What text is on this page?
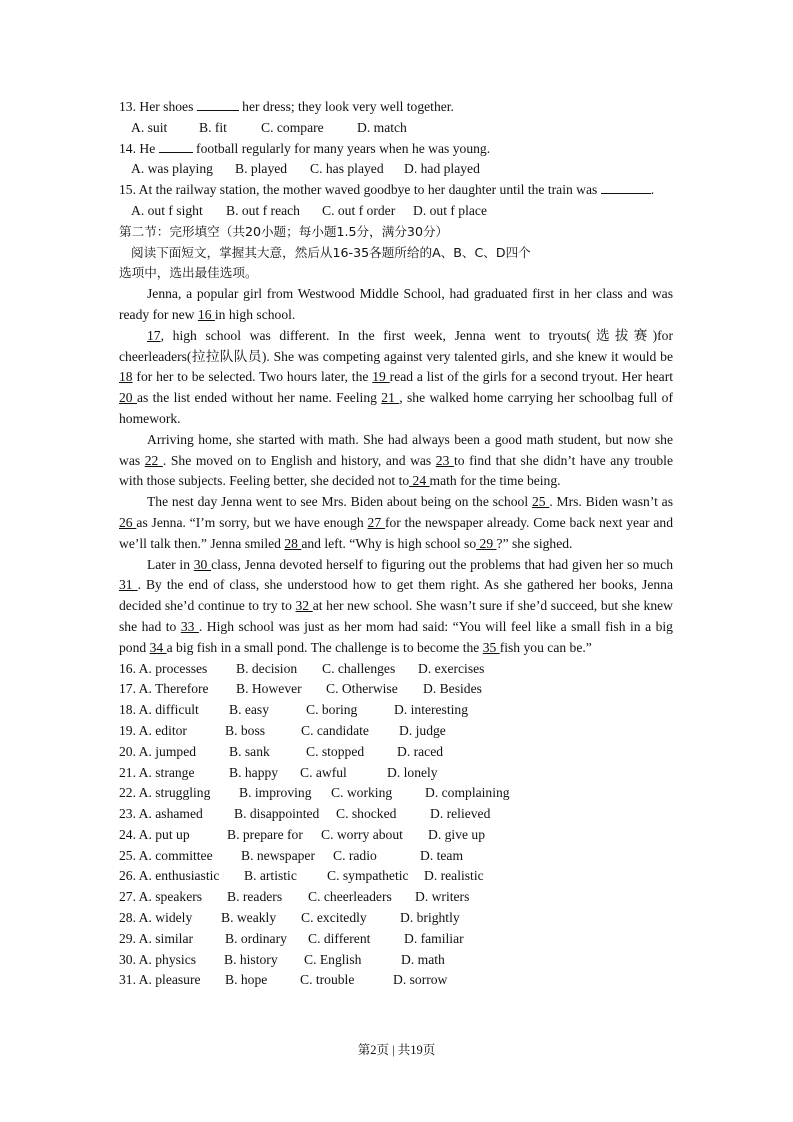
13. Her shoes	her dress; they look very well together.
A. suit B. fit	C. compare D. match
14. He	football regularly for many years when he was young.
A. was playing B. played C. has played D. had played
15. At the railway station, the mother waved goodbye to her daughter until the train was	.
A. out f sight B. out f reach C. out f order D. out f place
第二节：完形填空（共20小题；每小题1.5分，满分30分）
阅读下面短文，掌握其大意，然后从16-35各题所给的A、B、C、D四个
选项中，选出最佳选项。
Jenna, a popular girl from Westwood Middle School, had graduated first in her class and was ready for new 16 in high school.
17, high school was different. In the first week, Jenna went to tryouts(选拔赛)for cheerleaders(拉拉队队员). She was competing against very talented girls, and she knew it would be 18 for her to be selected. Two hours later, the 19 read a list of the girls for a second tryout. Her heart 20 as the list ended without her name. Feeling 21 , she walked home carrying her schoolbag full of homework.
Arriving home, she started with math. She had always been a good math student, but now she was 22 . She moved on to English and history, and was 23 to find that she didn’t have any trouble with those subjects. Feeling better, she decided not to 24 math for the time being.
The nest day Jenna went to see Mrs. Biden about being on the school 25 . Mrs. Biden wasn’t as 26 as Jenna. “I’m sorry, but we have enough 27 for the newspaper already. Come back next year and we’ll talk then.” Jenna smiled 28 and left. “Why is high school so 29 ?” she sighed.
Later in 30 class, Jenna devoted herself to figuring out the problems that had given her so much 31 . By the end of class, she understood how to get them right. As she gathered her books, Jenna decided she’d continue to try to 32 at her new school. She wasn’t sure if she’d succeed, but she knew she had to 33 . High school was just as her mom had said: “You will feel like a small fish in a big pond 34 a big fish in a small pond. The challenge is to become the 35 fish you can be.”
16. A. processes B. decision C. challenges D. exercises
17. A. Therefore B. However C. Otherwise D. Besides
18. A. difficult B. easy	C. boring	D. interesting
19. A. editor	B. boss	C. candidate D. judge
20. A. jumped B. sank	C. stopped D. raced
21. A. strange	B. happy C. awful	D. lonely
22. A. struggling B. improving C. working D. complaining
23. A. ashamed B. disappointed C. shocked D. relieved
24. A. put up	B. prepare for C. worry about D. give up
25. A. committee B. newspaper C. radio	D. team
26. A. enthusiastic B. artistic C. sympathetic D. realistic
27. A. speakers B. readers C. cheerleaders D. writers
28. A. widely B. weakly C. excitedly D. brightly
29. A. similar B. ordinary C. different D. familiar
30. A. physics B. history C. English	D. math
31. A. pleasure B. hope C. trouble	D. sorrow
第2页 | 共19页
